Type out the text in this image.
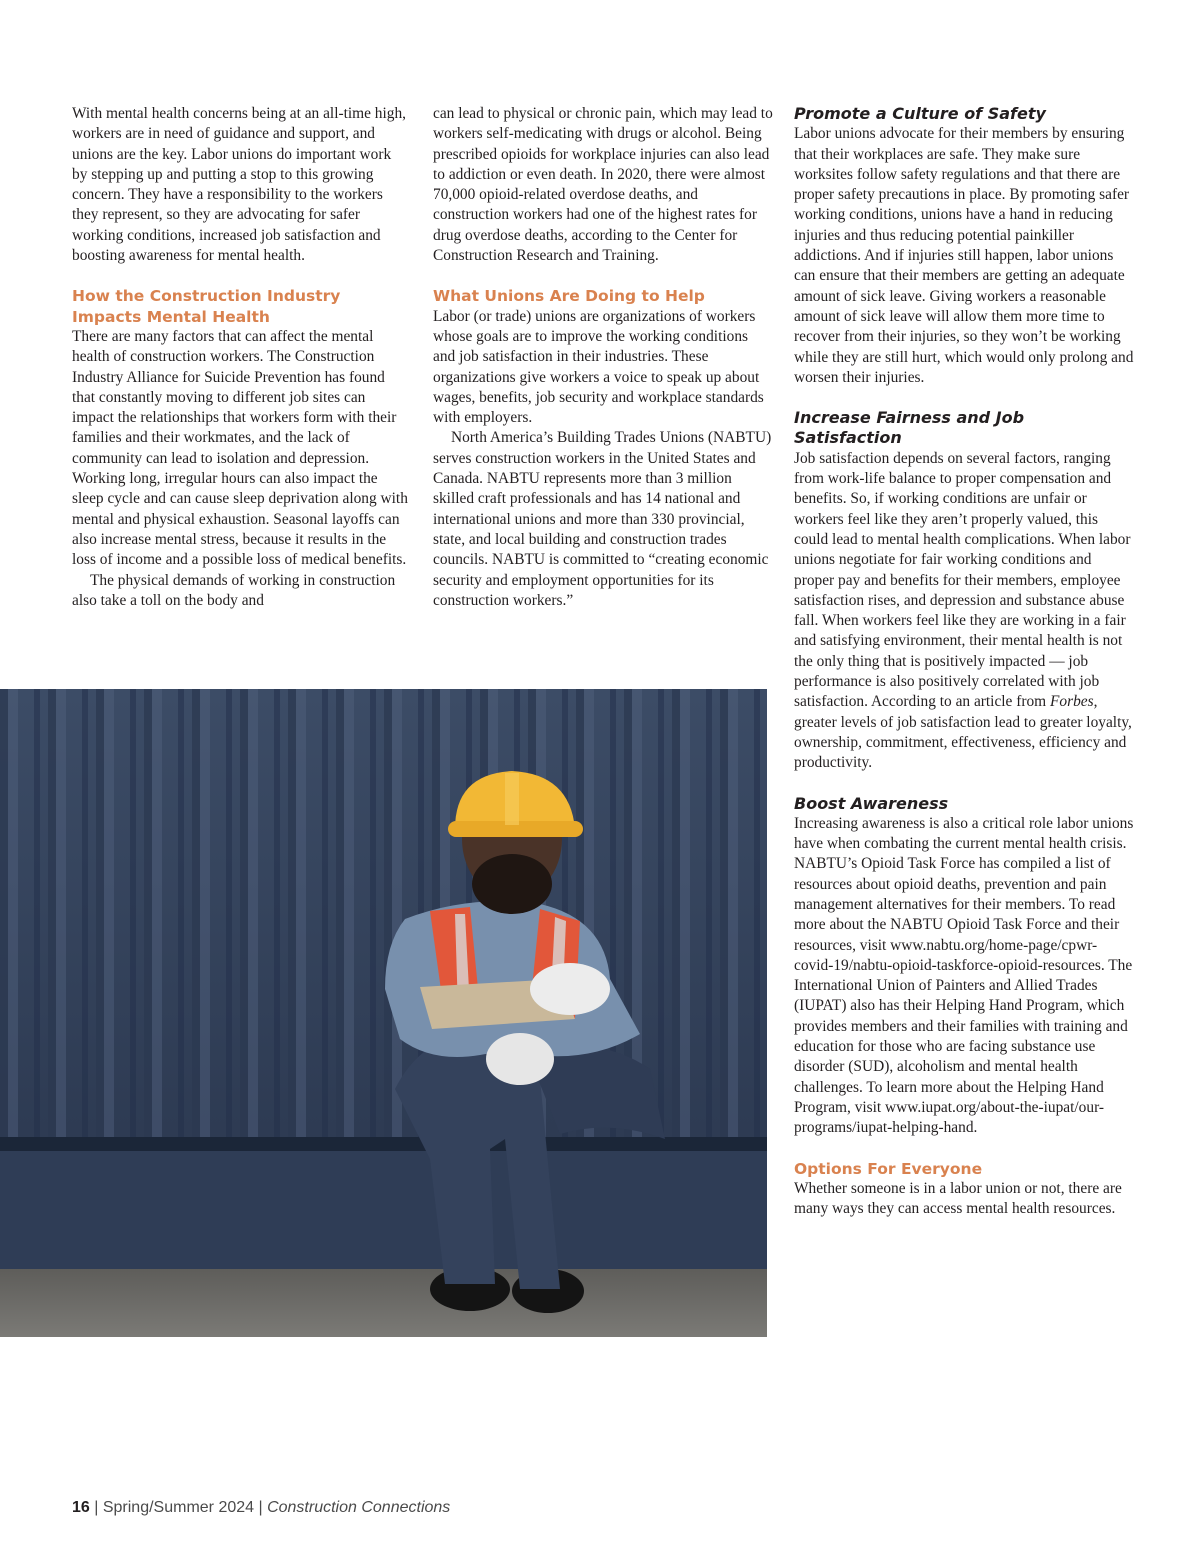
With mental health concerns being at an all-time high, workers are in need of guidance and support, and unions are the key. Labor unions do important work by stepping up and putting a stop to this growing concern. They have a responsibility to the workers they represent, so they are advocating for safer working conditions, increased job satisfaction and boosting awareness for mental health.

How the Construction Industry Impacts Mental Health

There are many factors that can affect the mental health of construction workers. The Construction Industry Alliance for Suicide Prevention has found that constantly moving to different job sites can impact the relationships that workers form with their families and their workmates, and the lack of community can lead to isolation and depression. Working long, irregular hours can also impact the sleep cycle and can cause sleep deprivation along with mental and physical exhaustion. Seasonal layoffs can also increase mental stress, because it results in the loss of income and a possible loss of medical benefits.

The physical demands of working in construction also take a toll on the body and

can lead to physical or chronic pain, which may lead to workers self-medicating with drugs or alcohol. Being prescribed opioids for workplace injuries can also lead to addiction or even death. In 2020, there were almost 70,000 opioid-related overdose deaths, and construction workers had one of the highest rates for drug overdose deaths, according to the Center for Construction Research and Training.

What Unions Are Doing to Help

Labor (or trade) unions are organizations of workers whose goals are to improve the working conditions and job satisfaction in their industries. These organizations give workers a voice to speak up about wages, benefits, job security and workplace standards with employers.

North America’s Building Trades Unions (NABTU) serves construction workers in the United States and Canada. NABTU represents more than 3 million skilled craft professionals and has 14 national and international unions and more than 330 provincial, state, and local building and construction trades councils. NABTU is committed to “creating economic security and employment opportunities for its construction workers.”

Promote a Culture of Safety

Labor unions advocate for their members by ensuring that their workplaces are safe. They make sure worksites follow safety regulations and that there are proper safety precautions in place. By promoting safer working conditions, unions have a hand in reducing injuries and thus reducing potential painkiller addictions. And if injuries still happen, labor unions can ensure that their members are getting an adequate amount of sick leave. Giving workers a reasonable amount of sick leave will allow them more time to recover from their injuries, so they won’t be working while they are still hurt, which would only prolong and worsen their injuries.

Increase Fairness and Job Satisfaction

Job satisfaction depends on several factors, ranging from work-life balance to proper compensation and benefits. So, if working conditions are unfair or workers feel like they aren’t properly valued, this could lead to mental health complications. When labor unions negotiate for fair working conditions and proper pay and benefits for their members, employee satisfaction rises, and depression and substance abuse fall. When workers feel like they are working in a fair and satisfying environment, their mental health is not the only thing that is positively impacted — job performance is also positively correlated with job satisfaction. According to an article from Forbes, greater levels of job satisfaction lead to greater loyalty, ownership, commitment, effectiveness, efficiency and productivity.

Boost Awareness

Increasing awareness is also a critical role labor unions have when combating the current mental health crisis. NABTU’s Opioid Task Force has compiled a list of resources about opioid deaths, prevention and pain management alternatives for their members. To read more about the NABTU Opioid Task Force and their resources, visit www.nabtu.org/home-page/cpwr-covid-19/nabtu-opioid-taskforce-opioid-resources. The International Union of Painters and Allied Trades (IUPAT) also has their Helping Hand Program, which provides members and their families with training and education for those who are facing substance use disorder (SUD), alcoholism and mental health challenges. To learn more about the Helping Hand Program, visit www.iupat.org/about-the-iupat/our-programs/iupat-helping-hand.

Options For Everyone

Whether someone is in a labor union or not, there are many ways they can access mental health resources.

16 | Spring/Summer 2024 | Construction Connections
